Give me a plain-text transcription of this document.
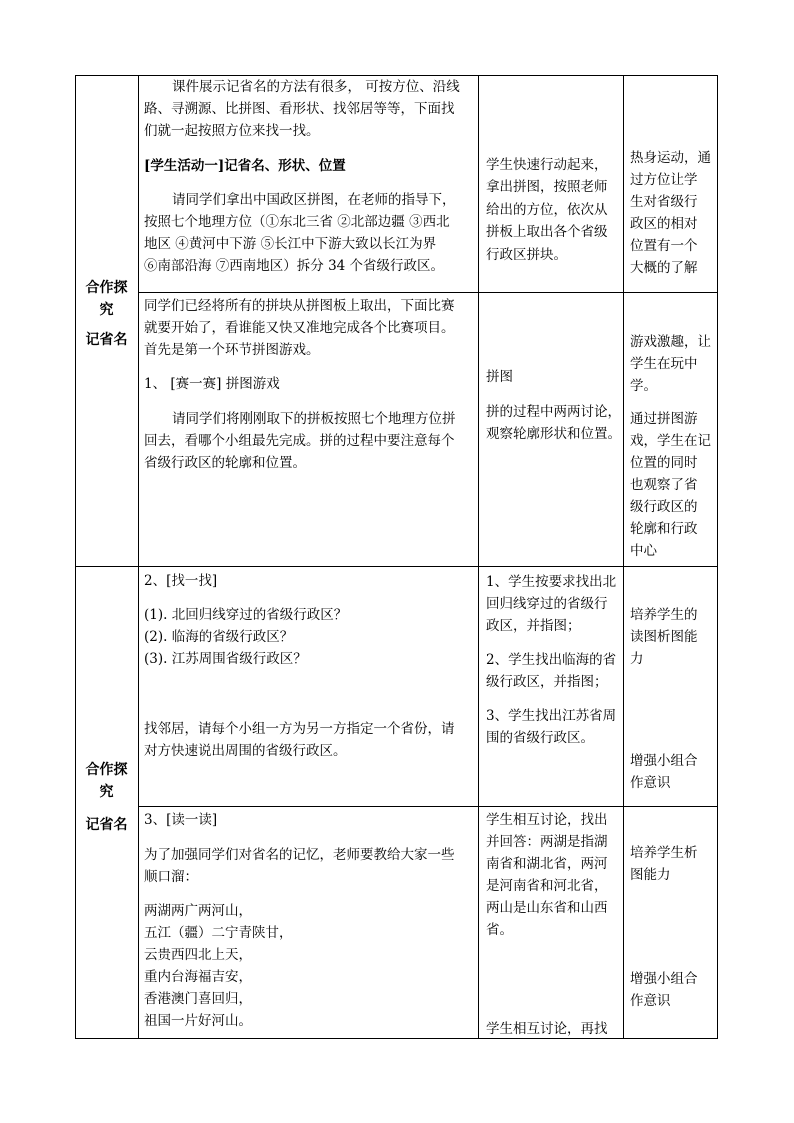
合作探
究
记省名
课件展示记省名的方法有很多， 可按方位、沿线
路、寻溯源、比拼图、看形状、找邻居等等，下面找
们就一起按照方位来找一找。
[学生活动一]记省名、形状、位置
请同学们拿出中国政区拼图，在老师的指导下，
按照七个地理方位（①东北三省 ②北部边疆 ③西北
地区 ④黄河中下游 ⑤长江中下游大致以长江为界
⑥南部沿海 ⑦西南地区）拆分 34 个省级行政区。
学生快速行动起来，
拿出拼图，按照老师
给出的方位，依次从
拼板上取出各个省级
行政区拼块。
热身运动，通
过方位让学
生对省级行
政区的相对
位置有一个
大概的了解
同学们已经将所有的拼块从拼图板上取出，下面比赛
就要开始了，看谁能又快又准地完成各个比赛项目。
首先是第一个环节拼图游戏。
1、 [赛一赛] 拼图游戏
请同学们将刚刚取下的拼板按照七个地理方位拼
回去，看哪个小组最先完成。拼的过程中要注意每个
省级行政区的轮廓和位置。
拼图
拼的过程中两两讨论，
观察轮廓形状和位置。
游戏激趣，让
学生在玩中
学。
通过拼图游
戏，学生在记
位置的同时
也观察了省
级行政区的
轮廓和行政
中心
合作探
究
记省名
2、[找一找]
(1). 北回归线穿过的省级行政区？
(2). 临海的省级行政区？
(3). 江苏周围省级行政区？
找邻居，请每个小组一方为另一方指定一个省份，请
对方快速说出周围的省级行政区。
1、学生按要求找出北
回归线穿过的省级行
政区，并指图；
2、学生找出临海的省
级行政区，并指图；
3、学生找出江苏省周
围的省级行政区。
培养学生的
读图析图能
力
增强小组合
作意识
3、[读一读]
为了加强同学们对省名的记忆，老师要教给大家一些
顺口溜：
两湖两广两河山，
五江（疆）二宁青陕甘，
云贵西四北上天，
重内台海福吉安，
香港澳门喜回归，
祖国一片好河山。
学生相互讨论，找出
并回答：两湖是指湖
南省和湖北省，两河
是河南省和河北省，
两山是山东省和山西
省。
学生相互讨论，再找
培养学生析
图能力
增强小组合
作意识
